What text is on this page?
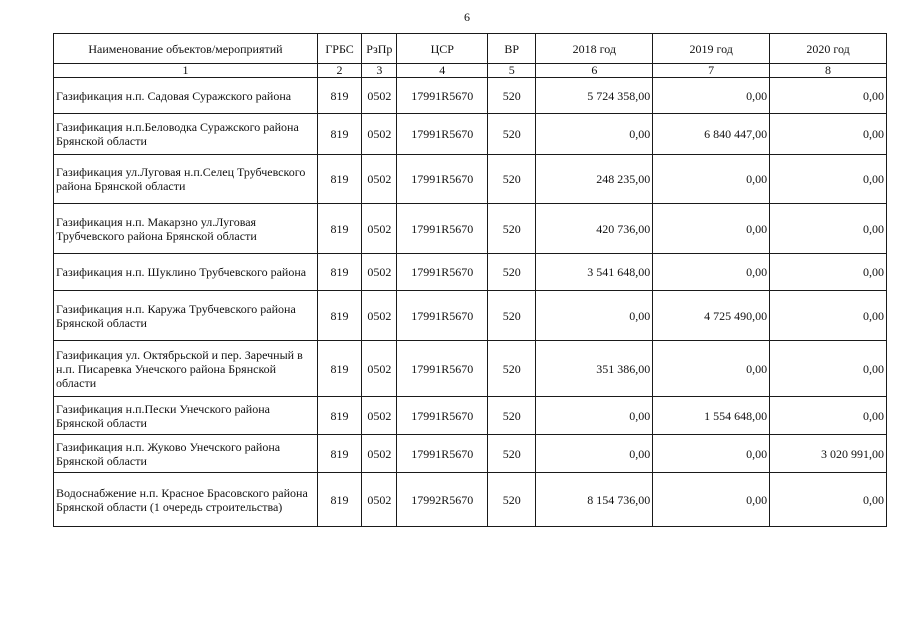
6
Наименование объектов/мероприятий	ГРБС	РзПр	ЦСР	ВР	2018 год	2019 год	2020 год
1	2	3	4	5	6	7	8
Газификация н.п. Садовая Суражского района	819	0502	17991R5670	520	5 724 358,00	0,00	0,00
Газификация н.п.Беловодка Суражского района Брянской области	819	0502	17991R5670	520	0,00	6 840 447,00	0,00
Газификация ул.Луговая н.п.Селец Трубчевского района Брянской области	819	0502	17991R5670	520	248 235,00	0,00	0,00
Газификация н.п. Макарзно ул.Луговая Трубчевского района Брянской области	819	0502	17991R5670	520	420 736,00	0,00	0,00
Газификация н.п. Шуклино Трубчевского района	819	0502	17991R5670	520	3 541 648,00	0,00	0,00
Газификация н.п. Каружа Трубчевского района Брянской области	819	0502	17991R5670	520	0,00	4 725 490,00	0,00
Газификация ул. Октябрьской и пер. Заречный в н.п. Писаревка Унечского района Брянской области	819	0502	17991R5670	520	351 386,00	0,00	0,00
Газификация н.п.Пески Унечского района Брянской области	819	0502	17991R5670	520	0,00	1 554 648,00	0,00
Газификация н.п. Жуково Унечского района Брянской области	819	0502	17991R5670	520	0,00	0,00	3 020 991,00
Водоснабжение н.п. Красное Брасовского района Брянской области (1 очередь строительства)	819	0502	17992R5670	520	8 154 736,00	0,00	0,00
